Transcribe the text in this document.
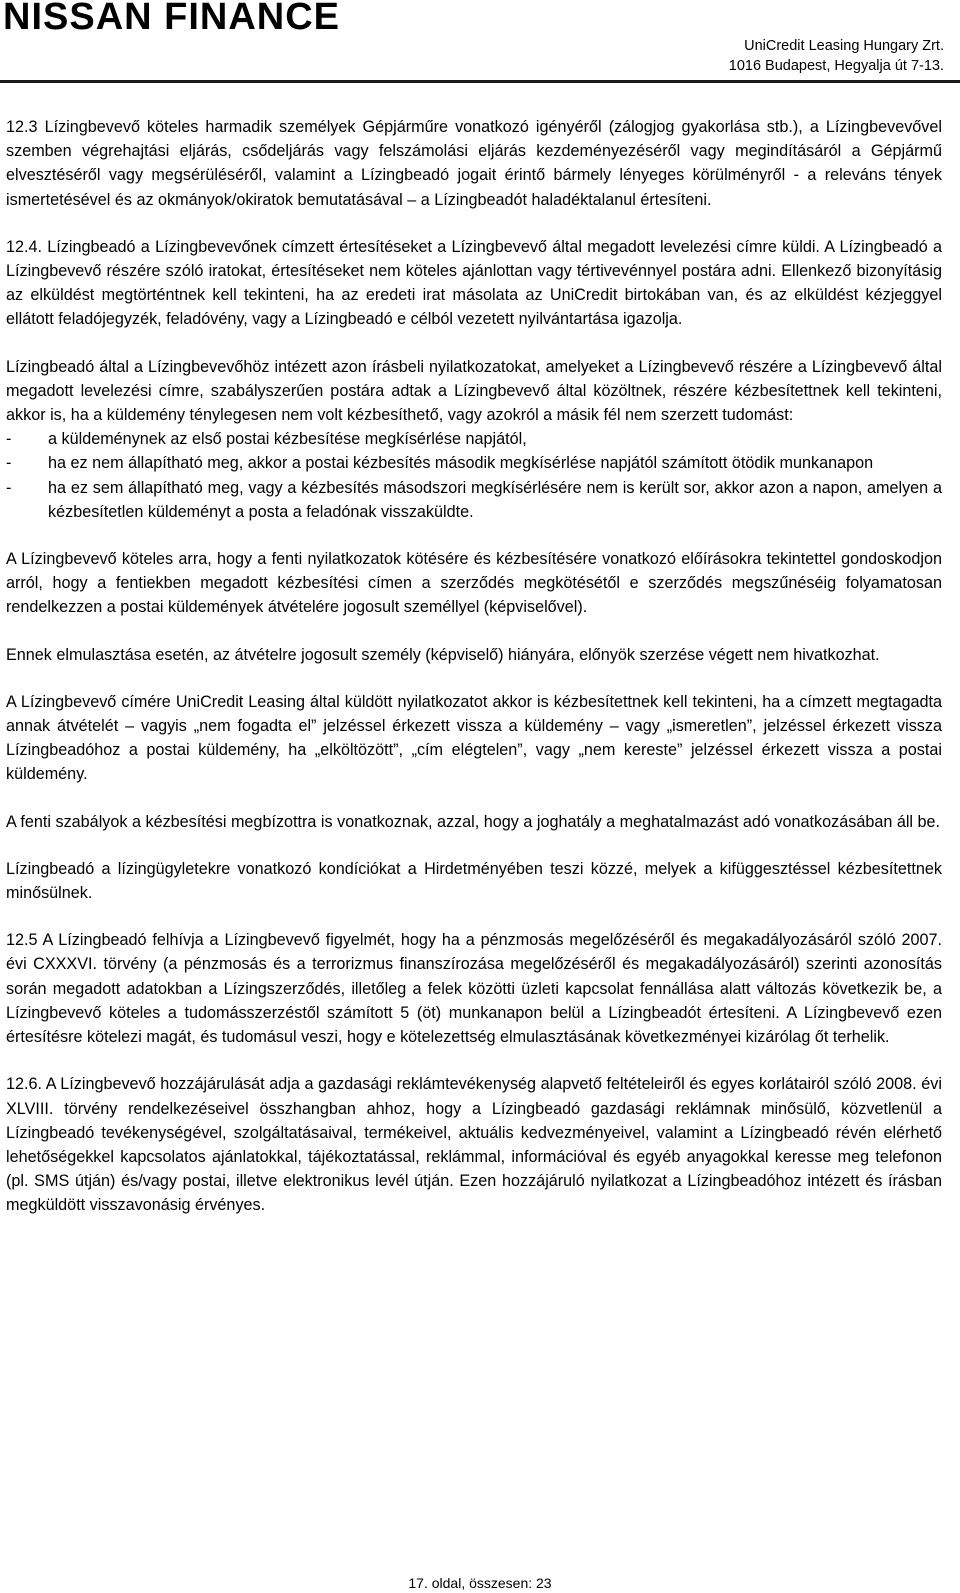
NISSAN FINANCE
UniCredit Leasing Hungary Zrt.
1016 Budapest, Hegyalja út 7-13.

12.3 Lízingbevevő köteles harmadik személyek Gépjárműre vonatkozó igényéről (zálogjog gyakorlása stb.), a Lízingbevevővel szemben végrehajtási eljárás, csődeljárás vagy felszámolási eljárás kezdeményezéséről vagy megindításáról a Gépjármű elvesztéséről vagy megsérüléséről, valamint a Lízingbeadó jogait érintő bármely lényeges körülményről - a releváns tények ismertetésével és az okmányok/okiratok bemutatásával – a Lízingbeadót haladéktalanul értesíteni.

12.4. Lízingbeadó a Lízingbevevőnek címzett értesítéseket a Lízingbevevő által megadott levelezési címre küldi. A Lízingbeadó a Lízingbevevő részére szóló iratokat, értesítéseket nem köteles ajánlottan vagy tértivevénnyel postára adni. Ellenkező bizonyításig az elküldést megtörténtnek kell tekinteni, ha az eredeti irat másolata az UniCredit birtokában van, és az elküldést kézjeggyel ellátott feladójegyzék, feladóvény, vagy a Lízingbeadó e célból vezetett nyilvántartása igazolja.

Lízingbeadó által a Lízingbevevőhöz intézett azon írásbeli nyilatkozatokat, amelyeket a Lízingbevevő részére a Lízingbevevő által megadott levelezési címre, szabályszerűen postára adtak a Lízingbevevő által közöltnek, részére kézbesítettnek kell tekinteni, akkor is, ha a küldemény ténylegesen nem volt kézbesíthető, vagy azokról a másik fél nem szerzett tudomást:

- a küldeménynek az első postai kézbesítése megkísérlése napjától,
- ha ez nem állapítható meg, akkor a postai kézbesítés második megkísérlése napjától számított ötödik munkanapon
- ha ez sem állapítható meg, vagy a kézbesítés másodszori megkísérlésére nem is került sor, akkor azon a napon, amelyen a kézbesítetlen küldeményt a posta a feladónak visszaküldte.

A Lízingbevevő köteles arra, hogy a fenti nyilatkozatok kötésére és kézbesítésére vonatkozó előírásokra tekintettel gondoskodjon arról, hogy a fentiekben megadott kézbesítési címen a szerződés megkötésétől e szerződés megszűnéséig folyamatosan rendelkezzen a postai küldemények átvételére jogosult személlyel (képviselővel).

Ennek elmulasztása esetén, az átvételre jogosult személy (képviselő) hiányára, előnyök szerzése végett nem hivatkozhat.

A Lízingbevevő címére UniCredit Leasing által küldött nyilatkozatot akkor is kézbesítettnek kell tekinteni, ha a címzett megtagadta annak átvételét – vagyis „nem fogadta el” jelzéssel érkezett vissza a küldemény – vagy „ismeretlen”, jelzéssel érkezett vissza Lízingbeadóhoz a postai küldemény, ha „elköltözött”, „cím elégtelen”, vagy „nem kereste” jelzéssel érkezett vissza a postai küldemény.

A fenti szabályok a kézbesítési megbízottra is vonatkoznak, azzal, hogy a joghatály a meghatalmazást adó vonatkozásában áll be.

Lízingbeadó a lízingügyletekre vonatkozó kondíciókat a Hirdetményében teszi közzé, melyek a kifüggesztéssel kézbesítettnek minősülnek.

12.5 A Lízingbeadó felhívja a Lízingbevevő figyelmét, hogy ha a pénzmosás megelőzéséről és megakadályozásáról szóló 2007. évi CXXXVI. törvény (a pénzmosás és a terrorizmus finanszírozása megelőzéséről és megakadályozásáról) szerinti azonosítás során megadott adatokban a Lízingszerződés, illetőleg a felek közötti üzleti kapcsolat fennállása alatt változás következik be, a Lízingbevevő köteles a tudomásszerzéstől számított 5 (öt) munkanapon belül a Lízingbeadót értesíteni. A Lízingbevevő ezen értesítésre kötelezi magát, és tudomásul veszi, hogy e kötelezettség elmulasztásának következményei kizárólag őt terhelik.

12.6. A Lízingbevevő hozzájárulását adja a gazdasági reklámtevékenység alapvető feltételeiről és egyes korlátairól szóló 2008. évi XLVIII. törvény rendelkezéseivel összhangban ahhoz, hogy a Lízingbeadó gazdasági reklámnak minősülő, közvetlenül a Lízingbeadó tevékenységével, szolgáltatásaival, termékeivel, aktuális kedvezményeivel, valamint a Lízingbeadó révén elérhető lehetőségekkel kapcsolatos ajánlatokkal, tájékoztatással, reklámmal, információval és egyéb anyagokkal keresse meg telefonon (pl. SMS útján) és/vagy postai, illetve elektronikus levél útján. Ezen hozzájáruló nyilatkozat a Lízingbeadóhoz intézett és írásban megküldött visszavonásig érvényes.

17. oldal, összesen: 23
